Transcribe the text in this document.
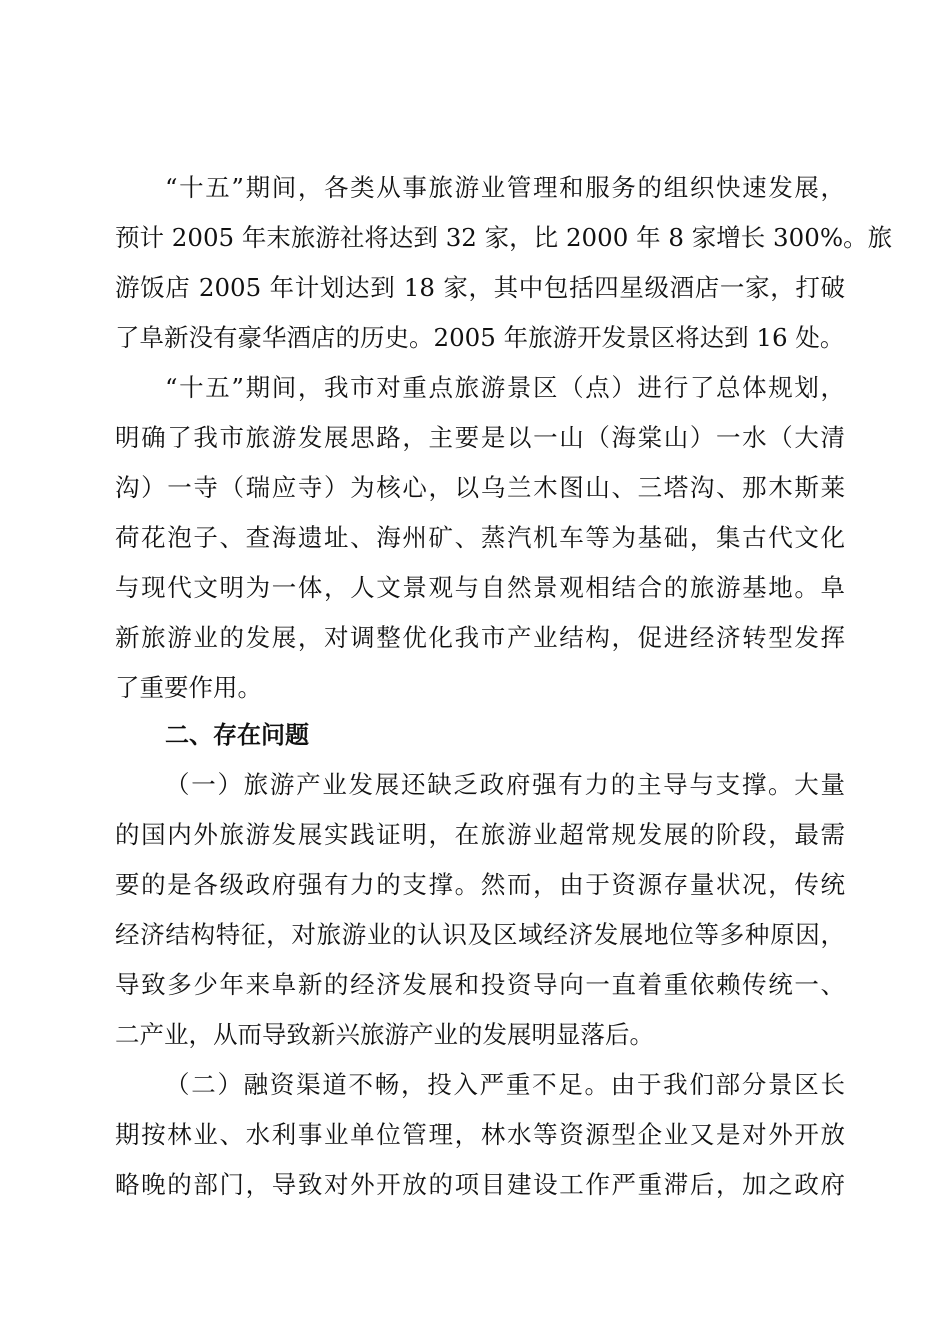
“十五”期间，各类从事旅游业管理和服务的组织快速发展，
预计 2005 年末旅游社将达到 32 家，比 2000 年 8 家增长 300%。旅
游饭店 2005 年计划达到 18 家，其中包括四星级酒店一家，打破
了阜新没有豪华酒店的历史。2005 年旅游开发景区将达到 16 处。
“十五”期间，我市对重点旅游景区（点）进行了总体规划，
明确了我市旅游发展思路，主要是以一山（海棠山）一水（大清
沟）一寺（瑞应寺）为核心，以乌兰木图山、三塔沟、那木斯莱
荷花泡子、查海遗址、海州矿、蒸汽机车等为基础，集古代文化
与现代文明为一体，人文景观与自然景观相结合的旅游基地。阜
新旅游业的发展，对调整优化我市产业结构，促进经济转型发挥
了重要作用。
二、存在问题
（一）旅游产业发展还缺乏政府强有力的主导与支撑。大量
的国内外旅游发展实践证明，在旅游业超常规发展的阶段，最需
要的是各级政府强有力的支撑。然而，由于资源存量状况，传统
经济结构特征，对旅游业的认识及区域经济发展地位等多种原因，
导致多少年来阜新的经济发展和投资导向一直着重依赖传统一、
二产业，从而导致新兴旅游产业的发展明显落后。
（二）融资渠道不畅，投入严重不足。由于我们部分景区长
期按林业、水利事业单位管理，林水等资源型企业又是对外开放
略晚的部门，导致对外开放的项目建设工作严重滞后，加之政府
